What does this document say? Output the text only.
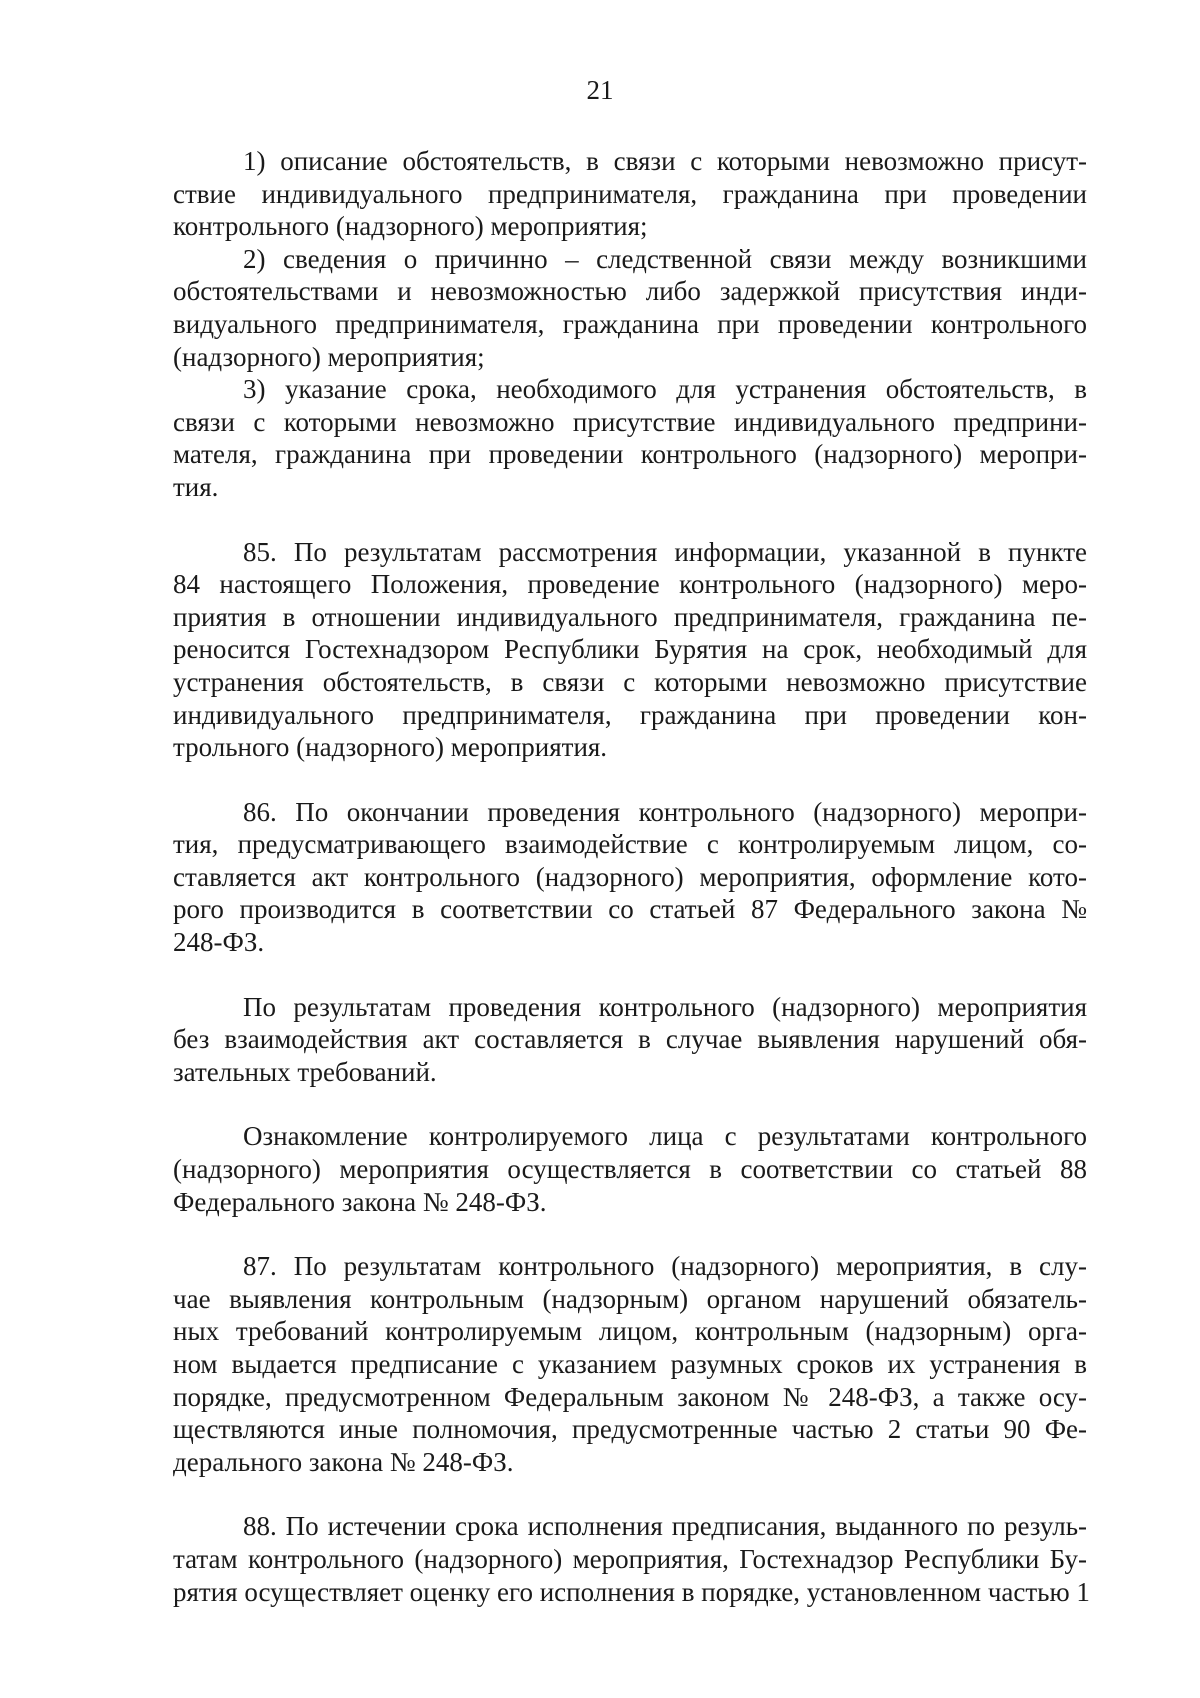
21
1) описание обстоятельств, в связи с которыми невозможно присут-
ствие индивидуального предпринимателя, гражданина при проведении
контрольного (надзорного) мероприятия;
2) сведения о причинно – следственной связи между возникшими
обстоятельствами и невозможностью либо задержкой присутствия инди-
видуального предпринимателя, гражданина при проведении контрольного
(надзорного) мероприятия;
3) указание срока, необходимого для устранения обстоятельств, в
связи с которыми невозможно присутствие индивидуального предприни-
мателя, гражданина при проведении контрольного (надзорного) меропри-
тия.
85. По результатам рассмотрения информации, указанной в пункте
84 настоящего Положения, проведение контрольного (надзорного) меро-
приятия в отношении индивидуального предпринимателя, гражданина пе-
реносится Гостехнадзором Республики Бурятия на срок, необходимый для
устранения обстоятельств, в связи с которыми невозможно присутствие
индивидуального предпринимателя, гражданина при проведении кон-
трольного (надзорного) мероприятия.
86. По окончании проведения контрольного (надзорного) меропри-
тия, предусматривающего взаимодействие с контролируемым лицом, со-
ставляется акт контрольного (надзорного) мероприятия, оформление кото-
рого производится в соответствии со статьей 87 Федерального закона №
248-ФЗ.
По результатам проведения контрольного (надзорного) мероприятия
без взаимодействия акт составляется в случае выявления нарушений обя-
зательных требований.
Ознакомление контролируемого лица с результатами контрольного
(надзорного) мероприятия осуществляется в соответствии со статьей 88
Федерального закона № 248-ФЗ.
87. По результатам контрольного (надзорного) мероприятия, в слу-
чае выявления контрольным (надзорным) органом нарушений обязатель-
ных требований контролируемым лицом, контрольным (надзорным) орга-
ном выдается предписание с указанием разумных сроков их устранения в
порядке, предусмотренном Федеральным законом № 248-ФЗ, а также осу-
ществляются иные полномочия, предусмотренные частью 2 статьи 90 Фе-
дерального закона № 248-ФЗ.
88. По истечении срока исполнения предписания, выданного по резуль-
татам контрольного (надзорного) мероприятия, Гостехнадзор Республики Бу-
рятия осуществляет оценку его исполнения в порядке, установленном частью 1
